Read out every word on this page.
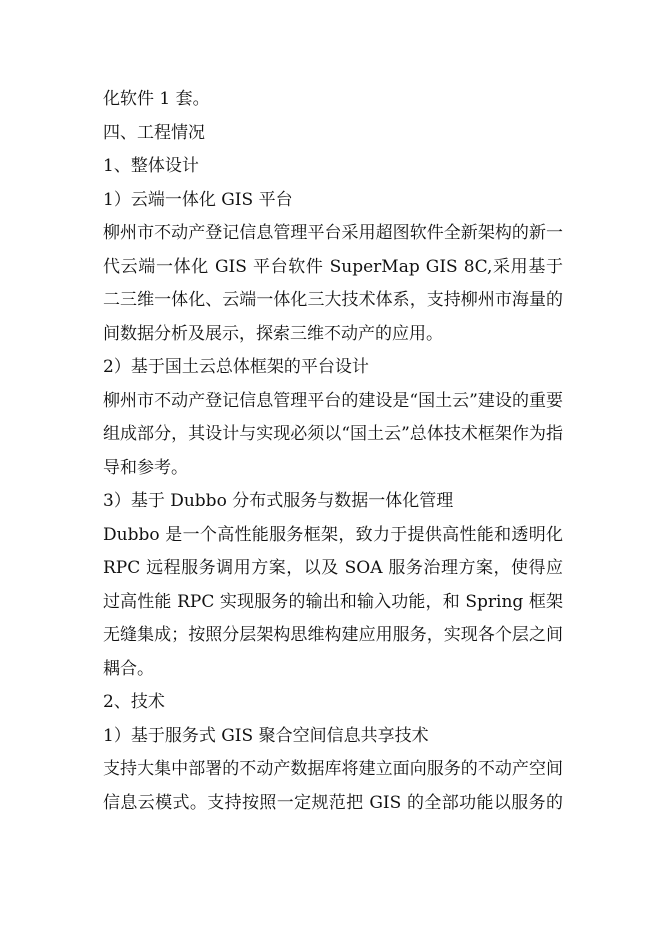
化软件 1 套。
四、工程情况
1、整体设计
1）云端一体化 GIS 平台
柳州市不动产登记信息管理平台采用超图软件全新架构的新一
代云端一体化 GIS 平台软件 SuperMap GIS 8C,采用基于
二三维一体化、云端一体化三大技术体系，支持柳州市海量的
间数据分析及展示，探索三维不动产的应用。
2）基于国土云总体框架的平台设计
柳州市不动产登记信息管理平台的建设是“国土云”建设的重要
组成部分，其设计与实现必须以“国土云”总体技术框架作为指
导和参考。
3）基于 Dubbo 分布式服务与数据一体化管理
Dubbo 是一个高性能服务框架，致力于提供高性能和透明化
RPC 远程服务调用方案，以及 SOA 服务治理方案，使得应
过高性能 RPC 实现服务的输出和输入功能，和 Spring 框架
无缝集成；按照分层架构思维构建应用服务，实现各个层之间
耦合。
2、技术
1）基于服务式 GIS 聚合空间信息共享技术
支持大集中部署的不动产数据库将建立面向服务的不动产空间
信息云模式。支持按照一定规范把 GIS 的全部功能以服务的
